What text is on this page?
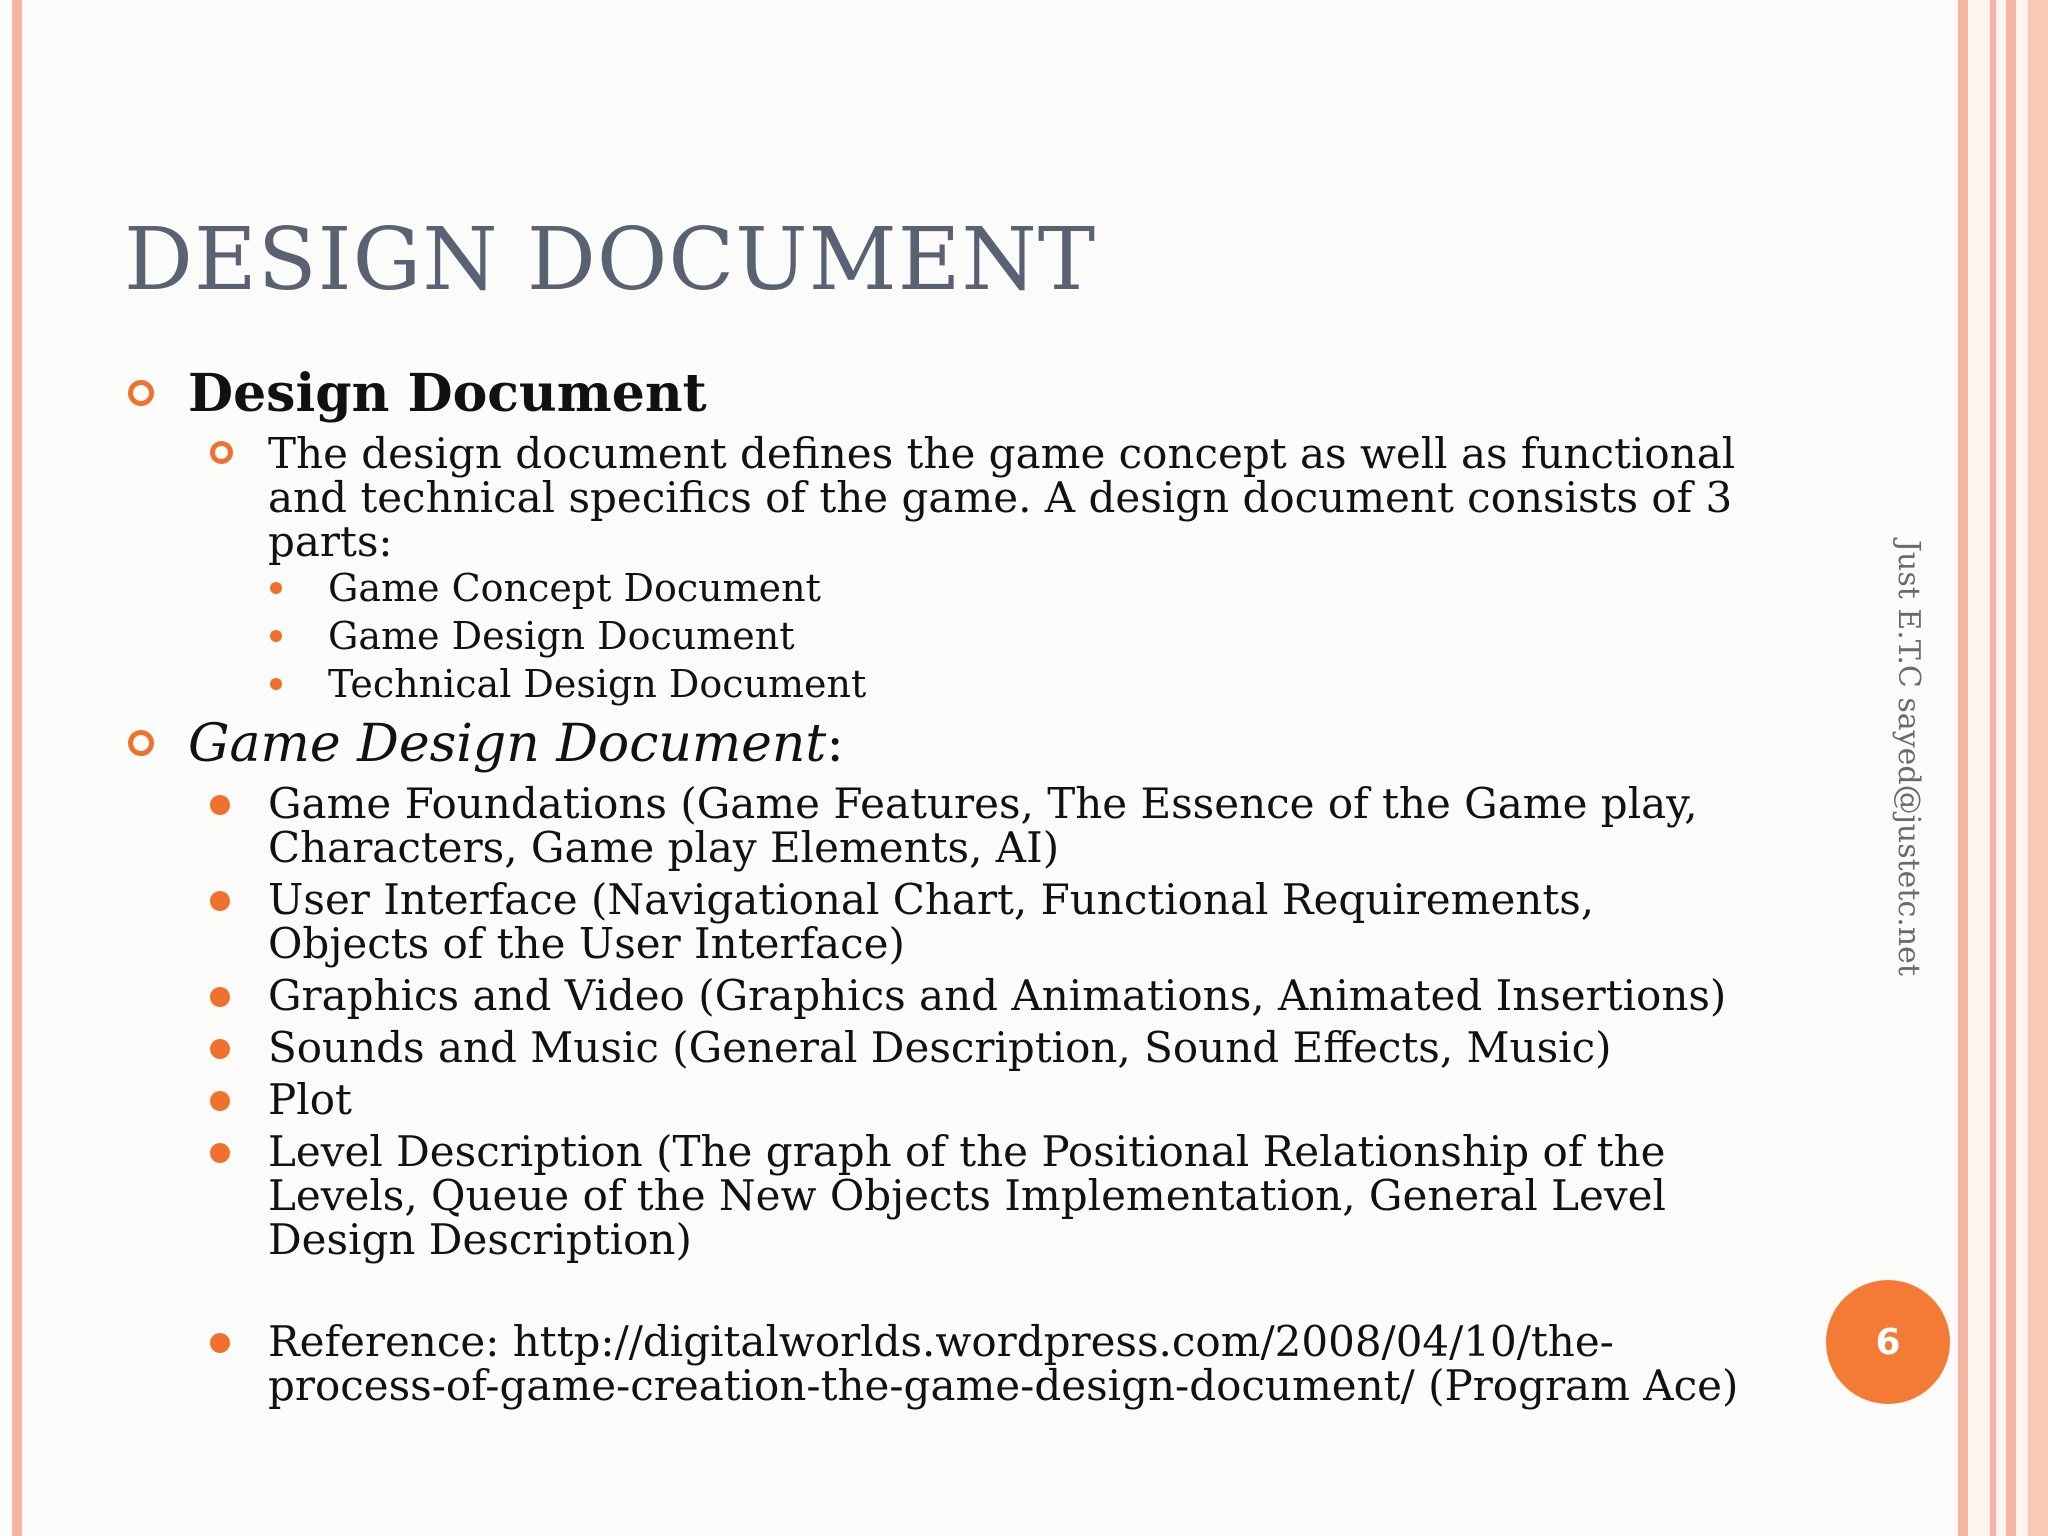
DESIGN DOCUMENT
Design Document
The design document defines the game concept as well as functional and technical specifics of the game. A design document consists of 3 parts:
Game Concept Document
Game Design Document
Technical Design Document
Game Design Document:
Game Foundations (Game Features, The Essence of the Game play, Characters, Game play Elements, AI)
User Interface (Navigational Chart, Functional Requirements, Objects of the User Interface)
Graphics and Video (Graphics and Animations, Animated Insertions)
Sounds and Music (General Description, Sound Effects, Music)
Plot
Level Description (The graph of the Positional Relationship of the Levels, Queue of the New Objects Implementation, General Level Design Description)
Reference: http://digitalworlds.wordpress.com/2008/04/10/the-process-of-game-creation-the-game-design-document/ (Program Ace)
Just E.T.C sayed@justetc.net
6
